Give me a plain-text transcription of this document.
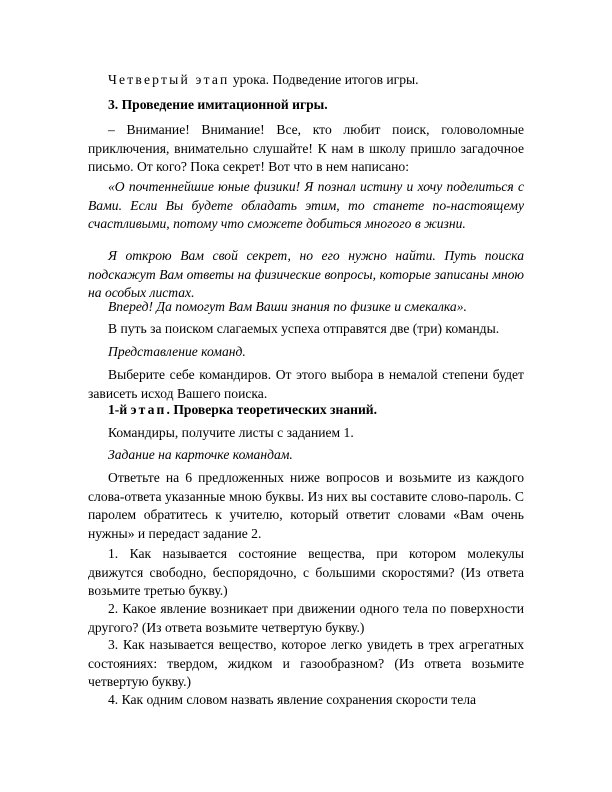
Четвертый этап урока. Подведение итогов игры.

3. Проведение имитационной игры.

– Внимание! Внимание! Все, кто любит поиск, головоломные приключения, внимательно слушайте! К нам в школу пришло загадочное письмо. От кого? Пока секрет! Вот что в нем написано:

«О почтеннейшие юные физики! Я познал истину и хочу поделиться с Вами. Если Вы будете обладать этим, то станете по-настоящему счастливыми, потому что сможете добиться многого в жизни.

Я открою Вам свой секрет, но его нужно найти. Путь поиска подскажут Вам ответы на физические вопросы, которые записаны мною на особых листах.

Вперед! Да помогут Вам Ваши знания по физике и смекалка».

В путь за поиском слагаемых успеха отправятся две (три) команды.

Представление команд.

Выберите себе командиров. От этого выбора в немалой степени будет зависеть исход Вашего поиска.

1-й этап. Проверка теоретических знаний.

Командиры, получите листы с заданием 1.

Задание на карточке командам.

Ответьте на 6 предложенных ниже вопросов и возьмите из каждого слова-ответа указанные мною буквы. Из них вы составите слово-пароль. С паролем обратитесь к учителю, который ответит словами «Вам очень нужны» и передаст задание 2.

1. Как называется состояние вещества, при котором молекулы движутся свободно, беспорядочно, с большими скоростями? (Из ответа возьмите третью букву.)

2. Какое явление возникает при движении одного тела по поверхности другого? (Из ответа возьмите четвертую букву.)

3. Как называется вещество, которое легко увидеть в трех агрегатных состояниях: твердом, жидком и газообразном? (Из ответа возьмите четвертую букву.)

4. Как одним словом назвать явление сохранения скорости тела
